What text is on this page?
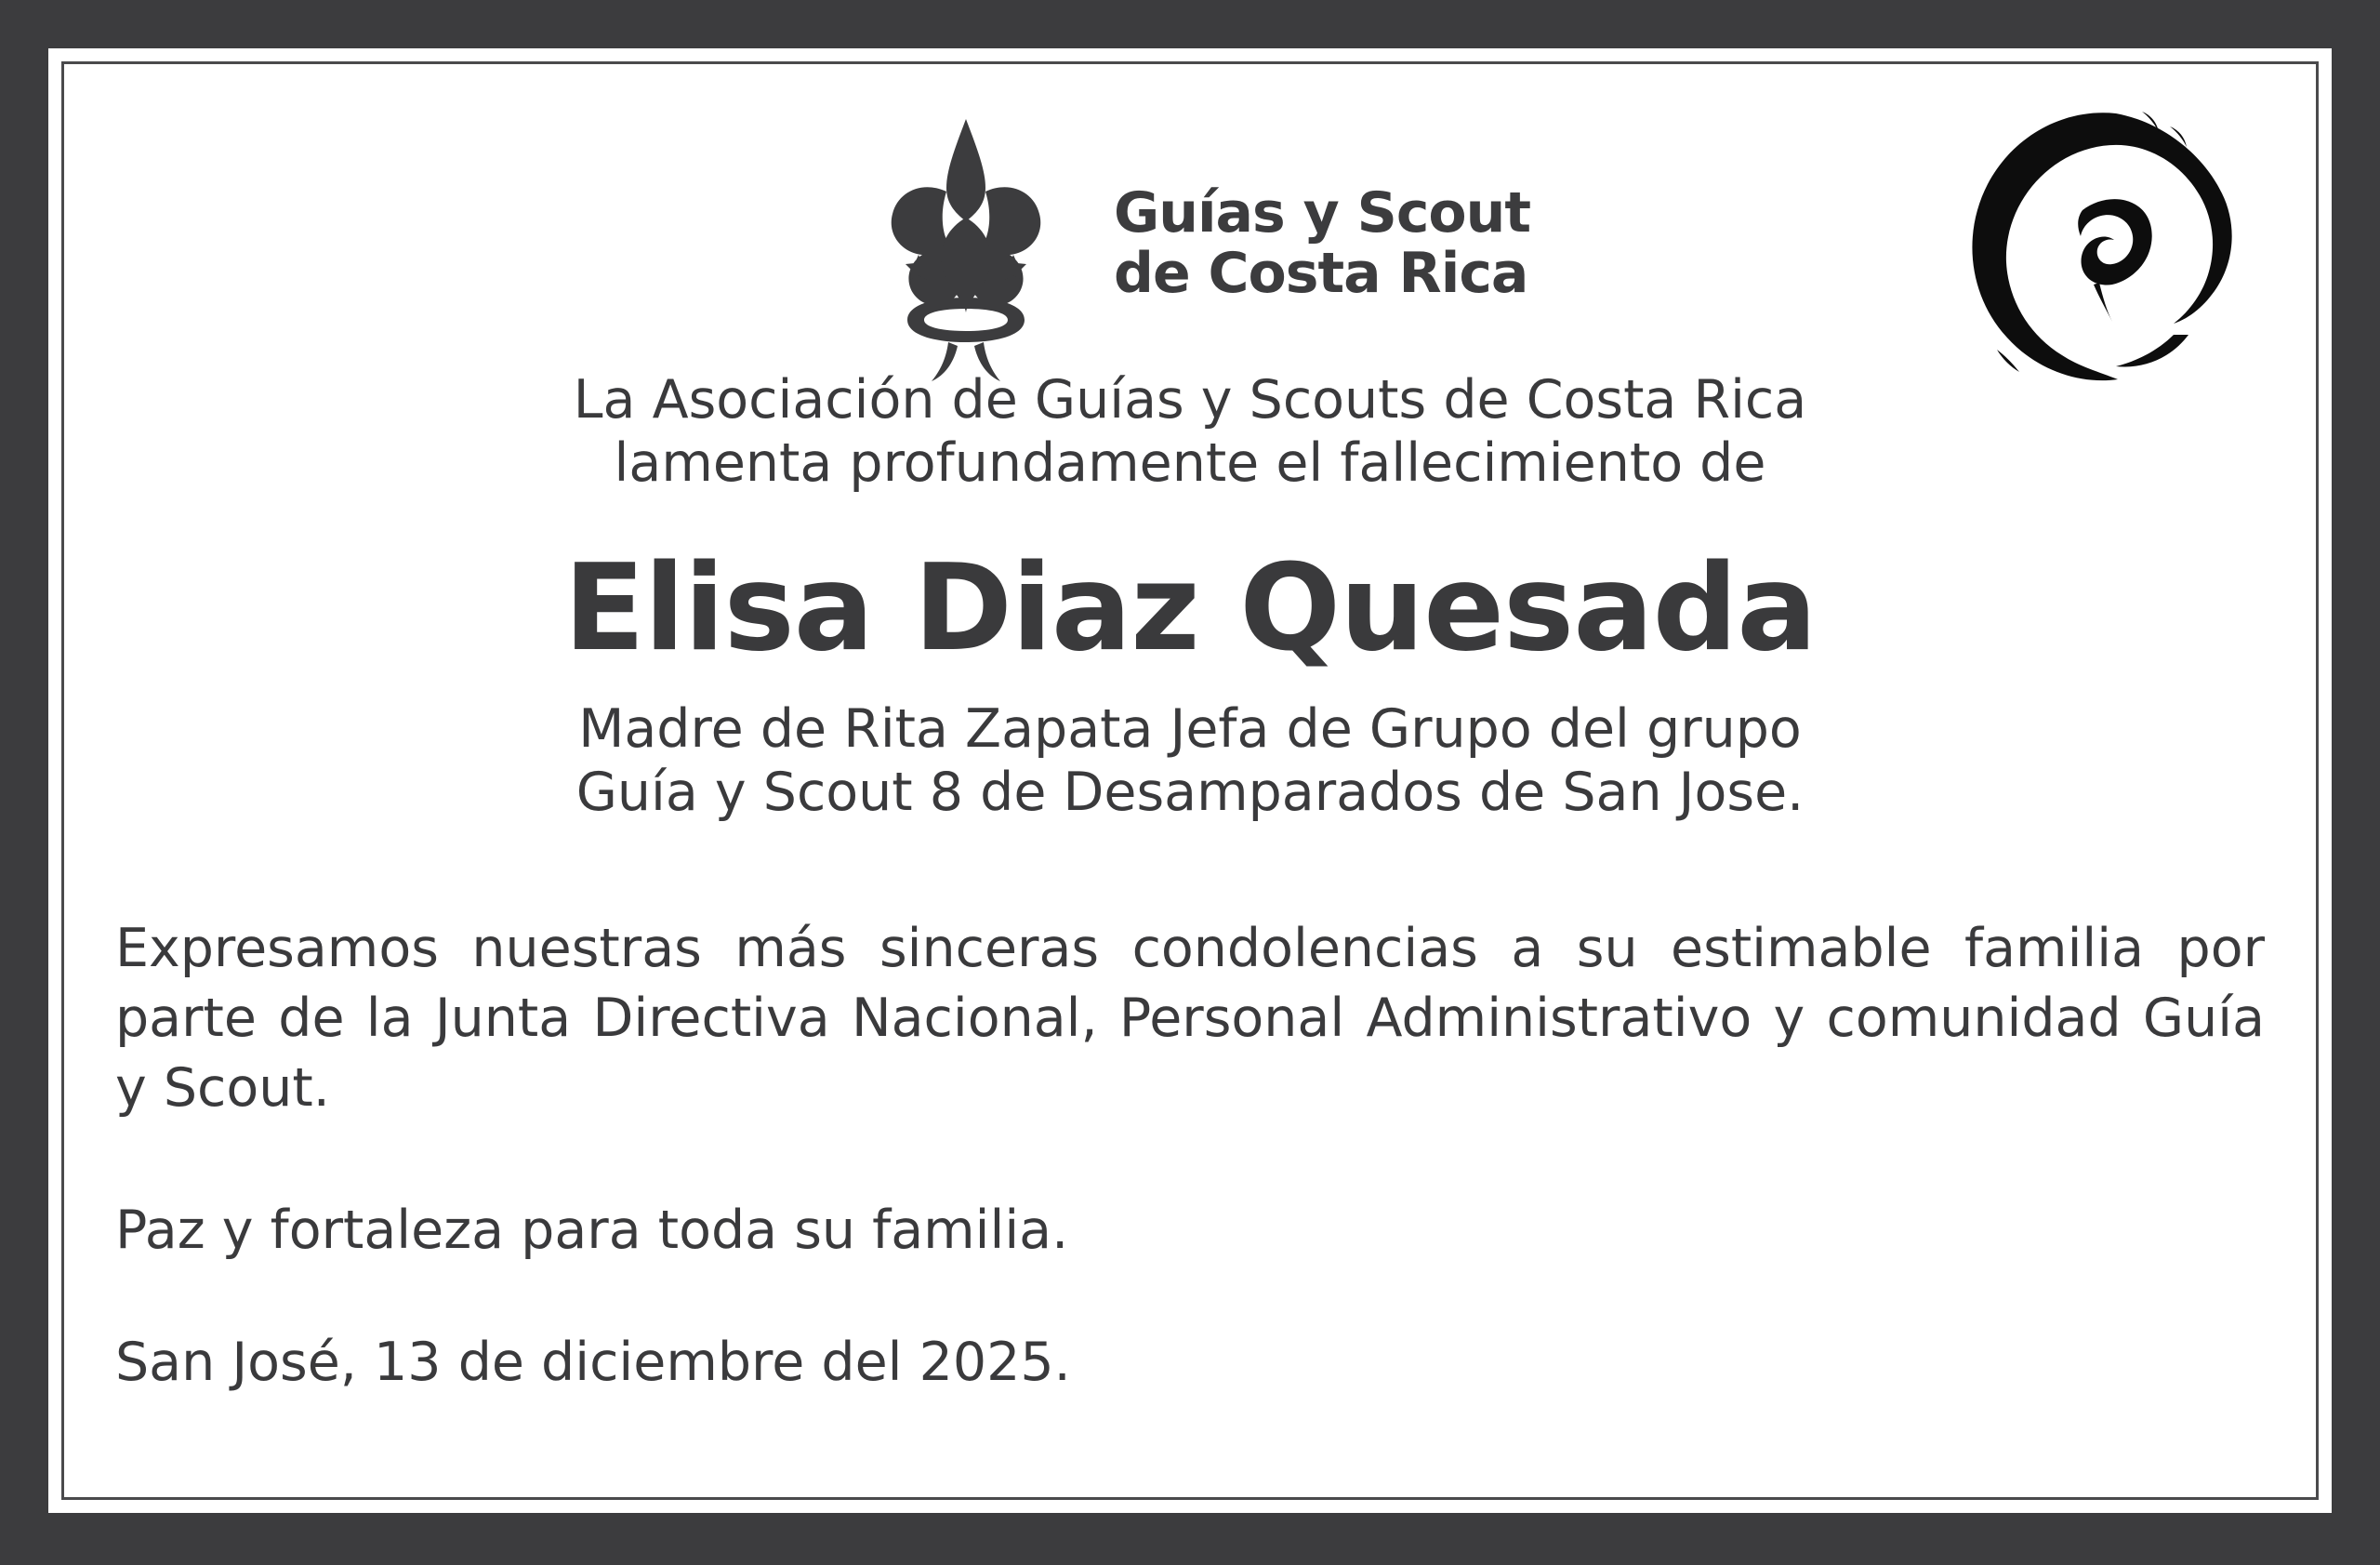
Guías y Scout
de Costa Rica
La Asociación de Guías y Scouts de Costa Rica
lamenta profundamente el fallecimiento de
Elisa Diaz Quesada
Madre de Rita Zapata Jefa de Grupo del grupo
Guía y Scout 8 de Desamparados de San Jose.

Expresamos nuestras más sinceras condolencias a su estimable familia por parte de la Junta Directiva Nacional, Personal Administrativo y comunidad Guía y Scout.

Paz y fortaleza para toda su familia.

San José, 13 de diciembre del 2025.
